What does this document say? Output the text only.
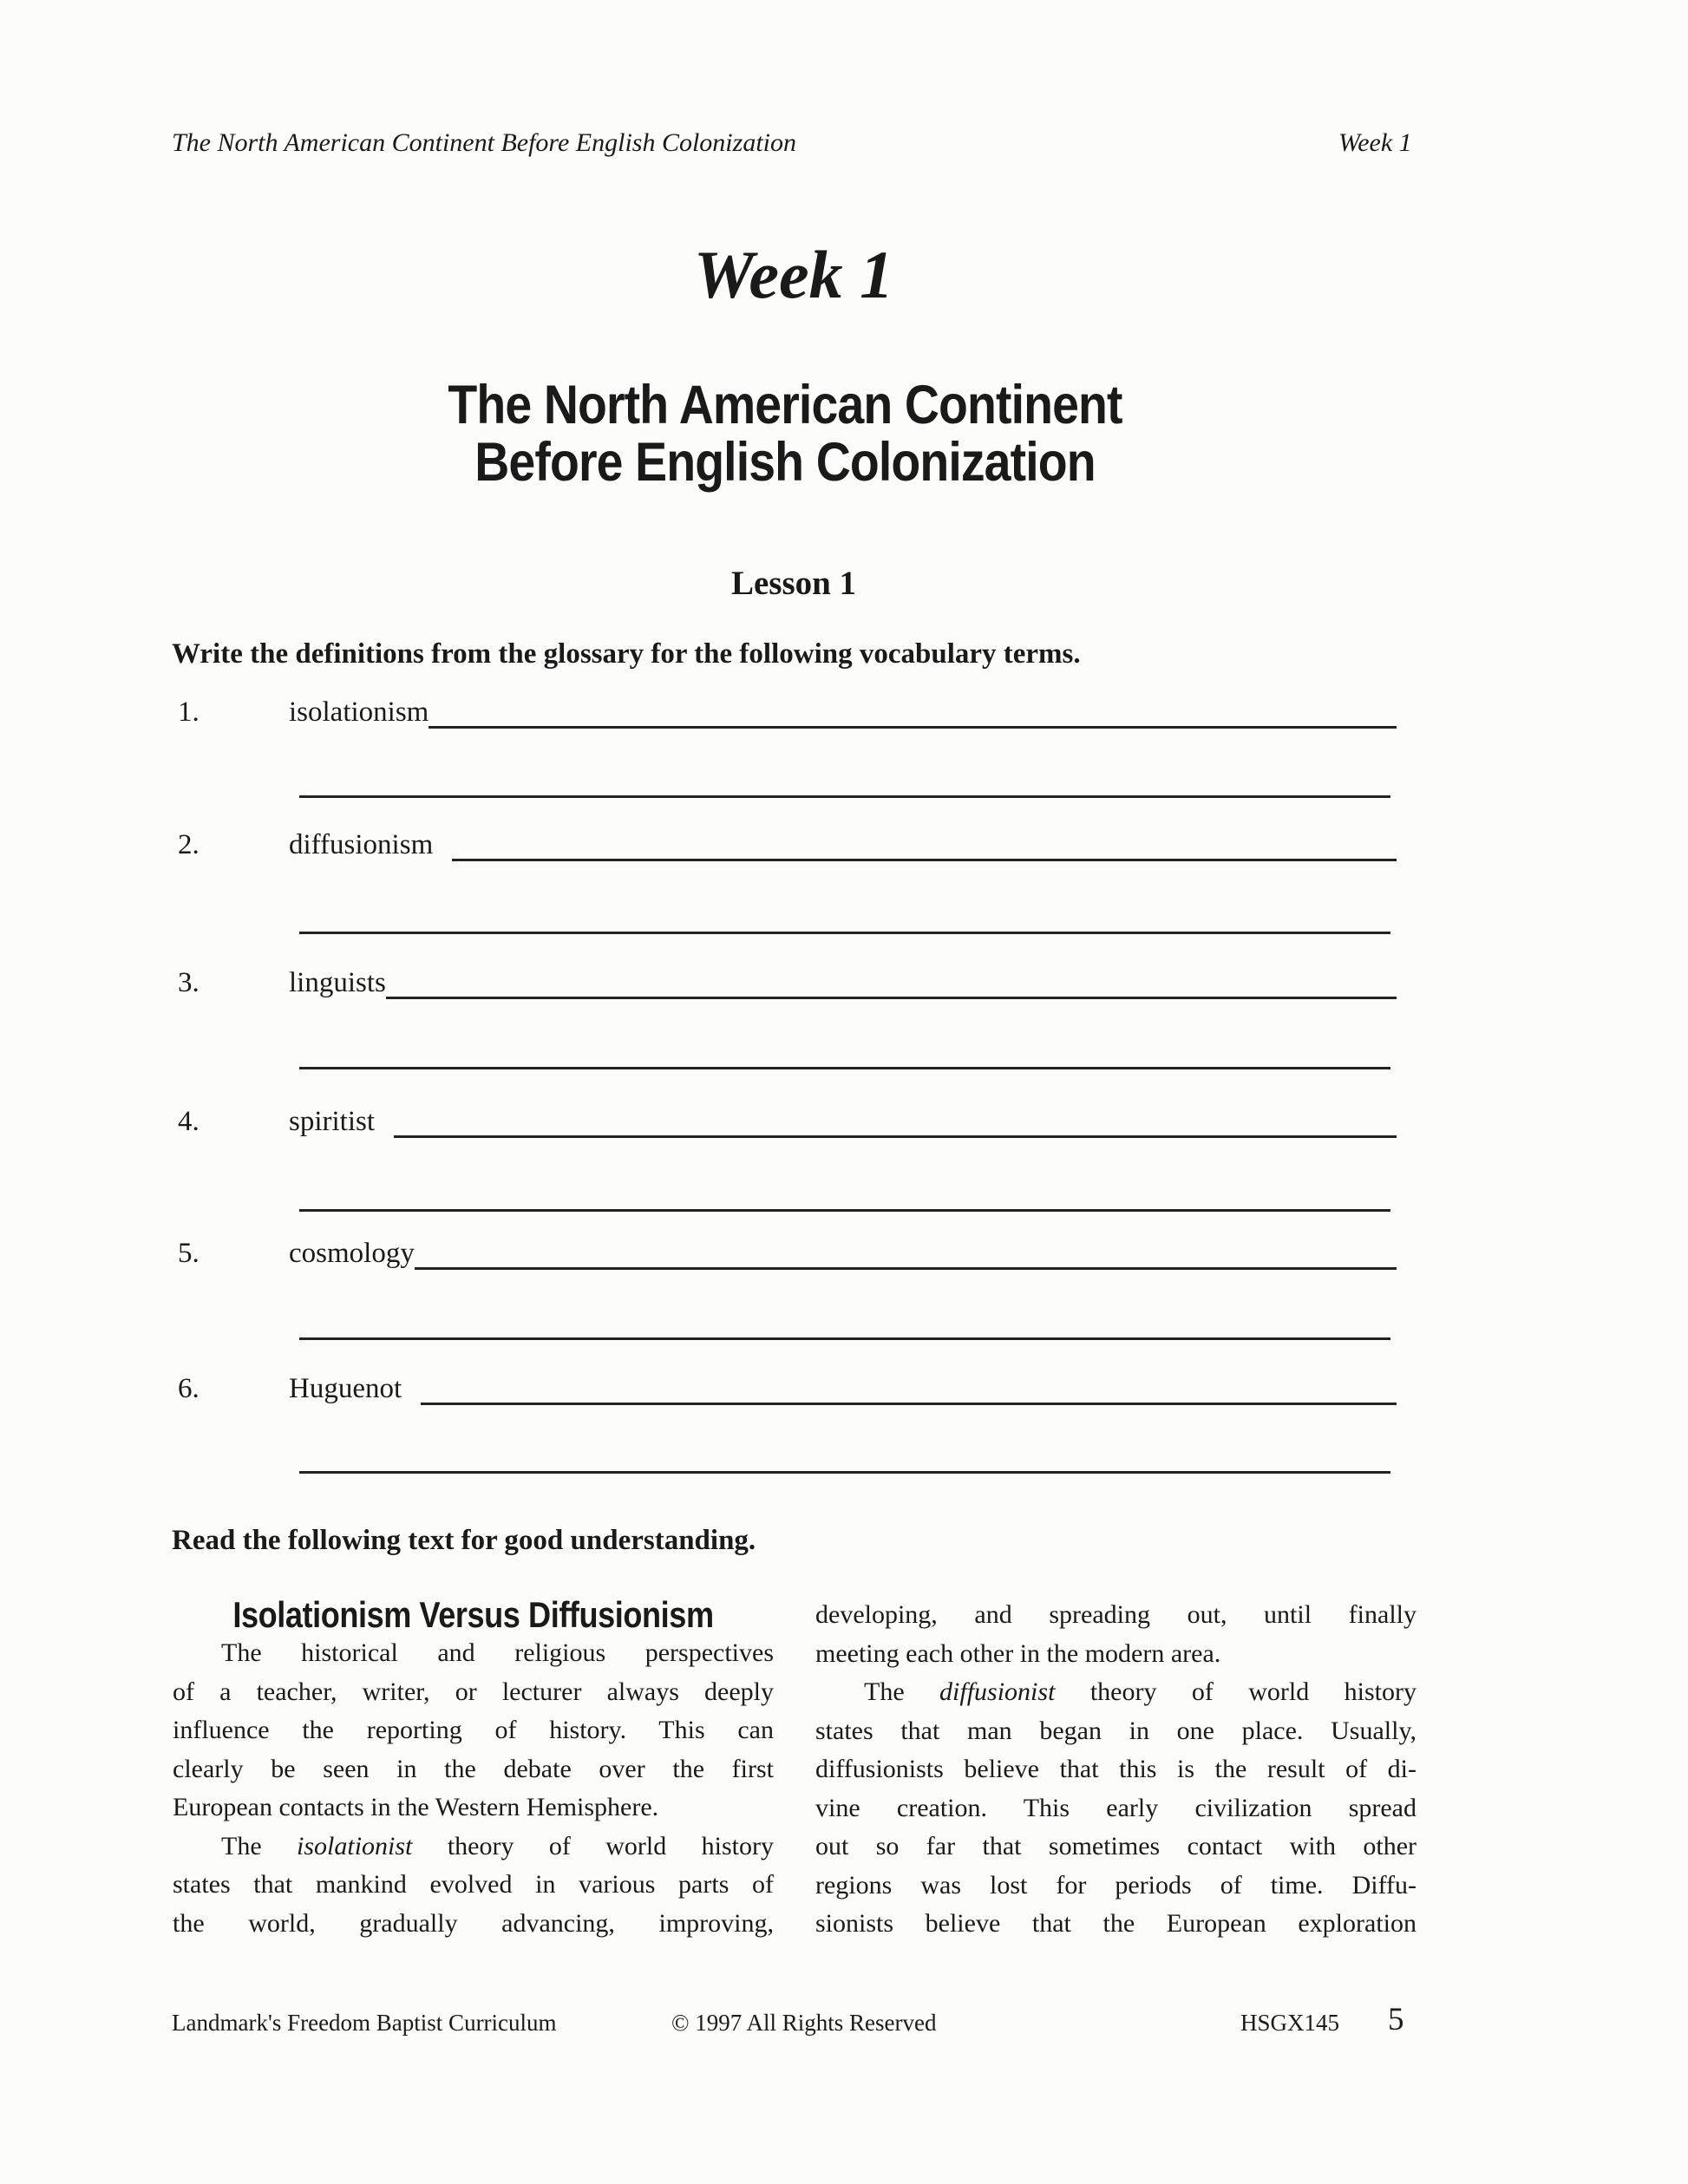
The North American Continent Before English Colonization	Week 1
Week 1
The North American Continent
Before English Colonization
Lesson 1
Write the definitions from the glossary for the following vocabulary terms.
1.	isolationism
2.	diffusionism
3.	linguists
4.	spiritist
5.	cosmology
6.	Huguenot
Read the following text for good understanding.
Isolationism Versus Diffusionism
The historical and religious perspectives
of a teacher, writer, or lecturer always deeply
influence the reporting of history. This can
clearly be seen in the debate over the first
European contacts in the Western Hemisphere.
The isolationist theory of world history
states that mankind evolved in various parts of
the world, gradually advancing, improving,
developing, and spreading out, until finally
meeting each other in the modern area.
The diffusionist theory of world history
states that man began in one place. Usually,
diffusionists believe that this is the result of di-
vine creation. This early civilization spread
out so far that sometimes contact with other
regions was lost for periods of time. Diffu-
sionists believe that the European exploration
Landmark's Freedom Baptist Curriculum	© 1997 All Rights Reserved	HSGX145 5
